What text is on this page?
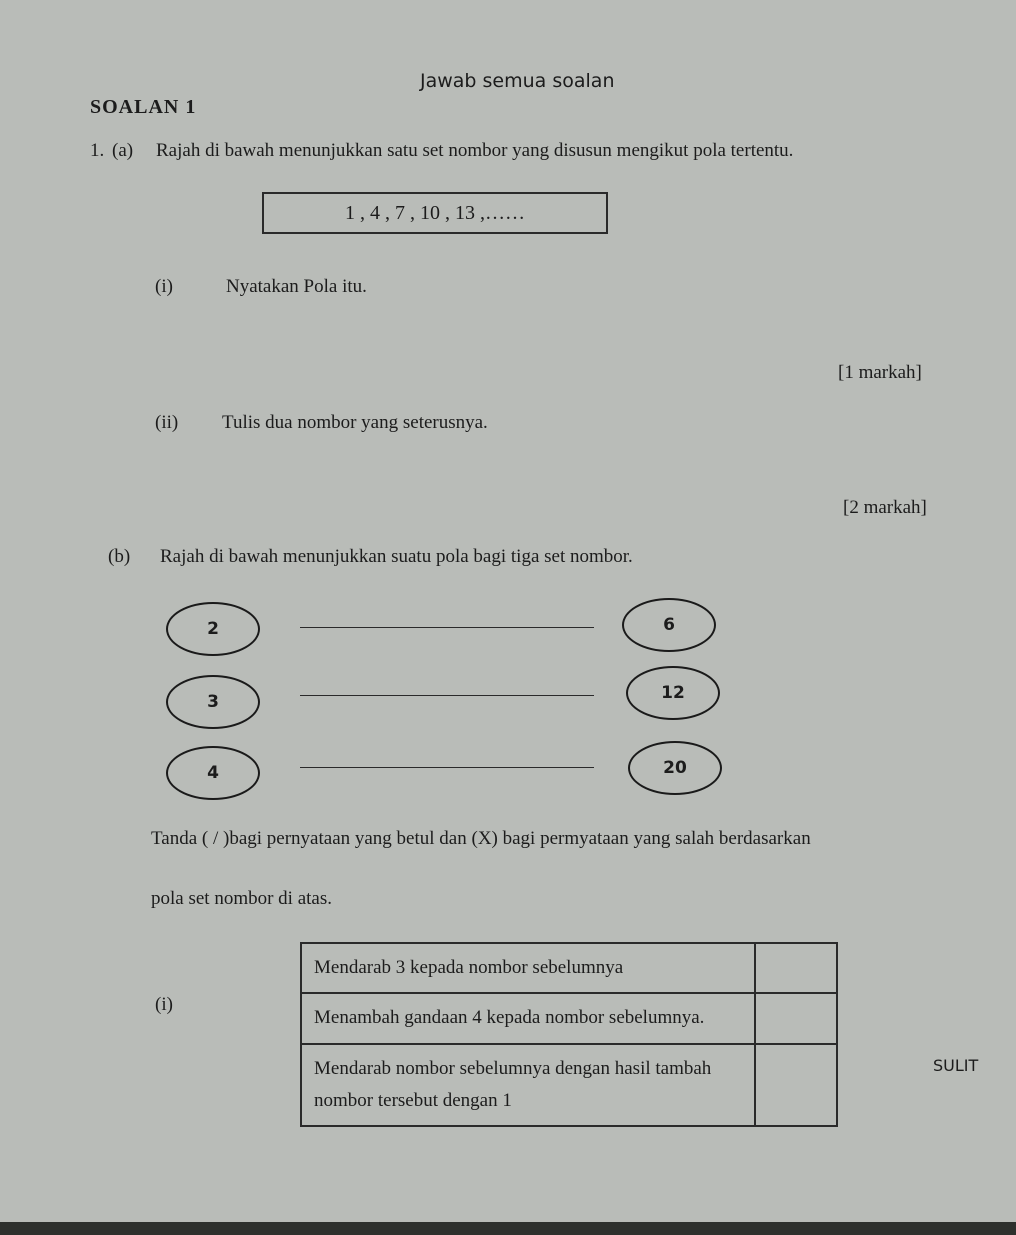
Jawab semua soalan
SOALAN 1
1. (a) Rajah di bawah menunjukkan satu set nombor yang disusun mengikut pola tertentu.
1 , 4 , 7 , 10 , 13 ,……
(i)	Nyatakan Pola itu.
[1 markah]
(ii) Tulis dua nombor yang seterusnya.
[2 markah]
(b) Rajah di bawah menunjukkan suatu pola bagi tiga set nombor.
2	6
3	12
4	20
Tanda ( / )bagi pernyataan yang betul dan (X) bagi permyataan yang salah berdasarkan
pola set nombor di atas.
(i)
Mendarab 3 kepada nombor sebelumnya	
Menambah gandaan 4 kepada nombor sebelumnya.	
Mendarab nombor sebelumnya dengan hasil tambah nombor tersebut dengan 1	
SULIT
